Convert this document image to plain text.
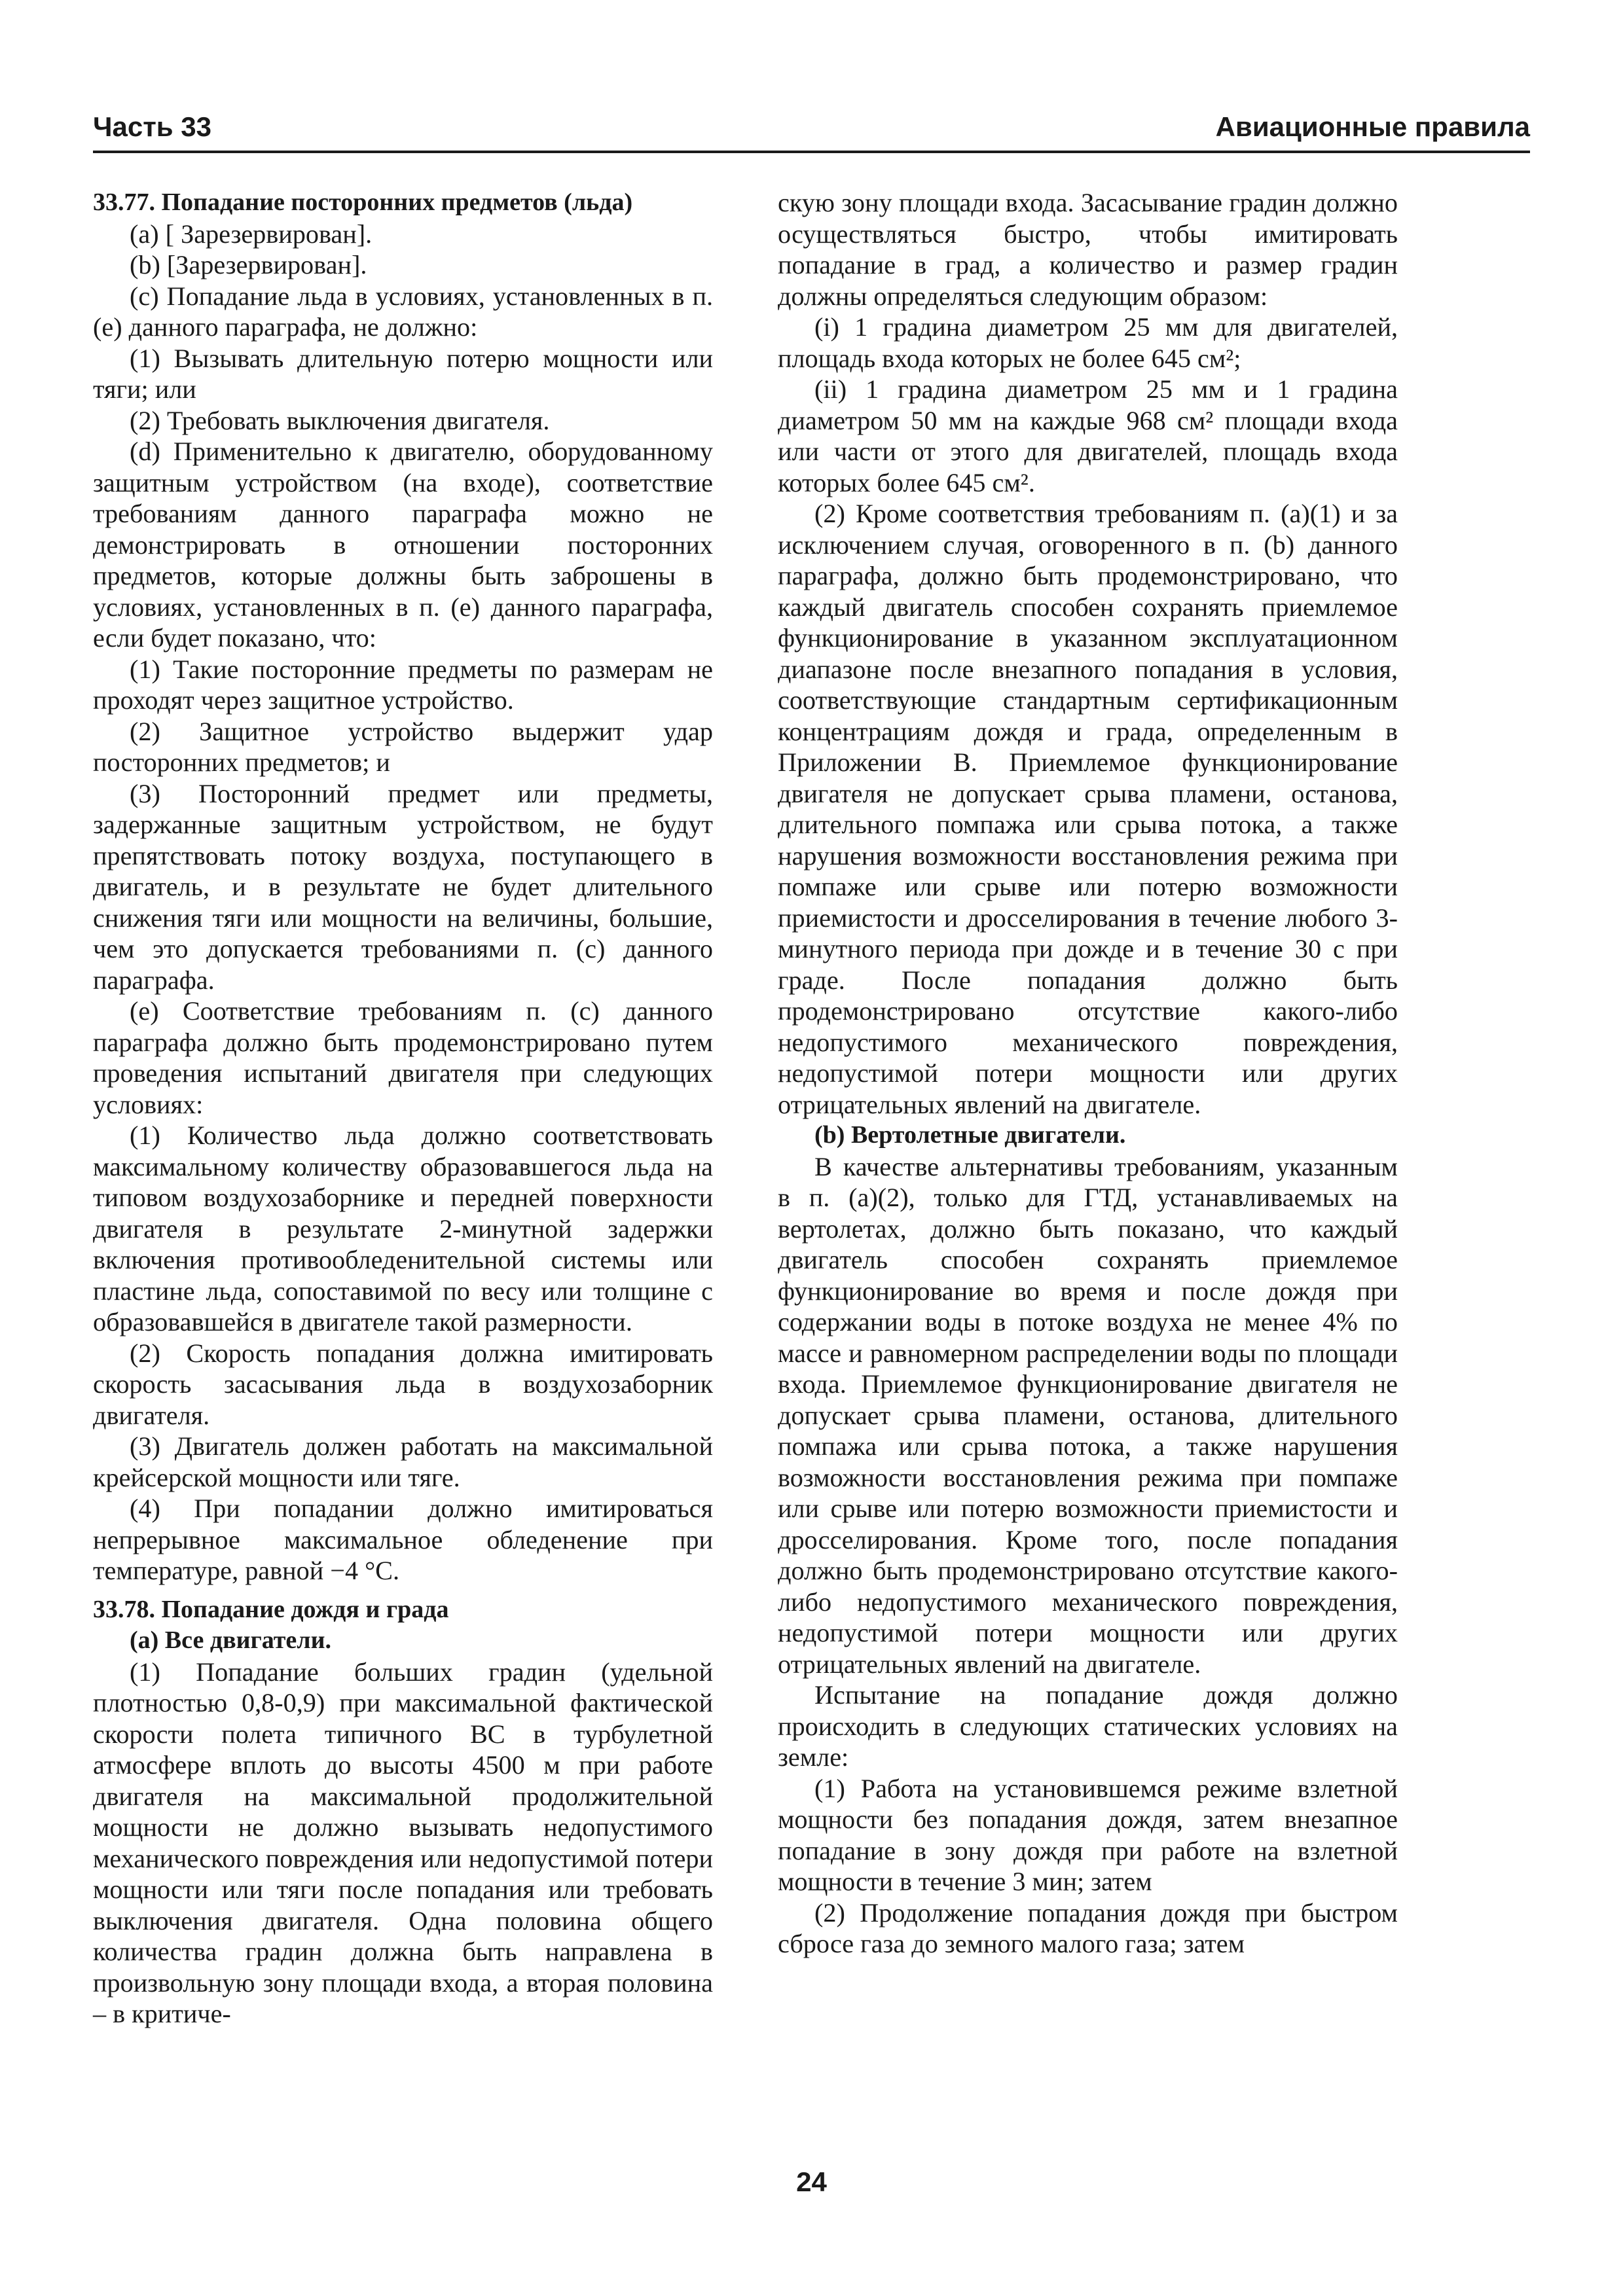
Часть 33	Авиационные правила

33.77. Попадание посторонних предметов (льда)

(a) [ Зарезервирован].

(b) [Зарезервирован].

(c) Попадание льда в условиях, установленных в п. (e) данного параграфа, не должно:

(1) Вызывать длительную потерю мощности или тяги; или

(2) Требовать выключения двигателя.

(d) Применительно к двигателю, оборудованному защитным устройством (на входе), соответствие требованиям данного параграфа можно не демонстрировать в отношении посторонних предметов, которые должны быть заброшены в условиях, установленных в п. (e) данного параграфа, если будет показано, что:

(1) Такие посторонние предметы по размерам не проходят через защитное устройство.

(2) Защитное устройство выдержит удар посторонних предметов; и

(3) Посторонний предмет или предметы, задержанные защитным устройством, не будут препятствовать потоку воздуха, поступающего в двигатель, и в результате не будет длительного снижения тяги или мощности на величины, большие, чем это допускается требованиями п. (c) данного параграфа.

(e) Соответствие требованиям п. (c) данного параграфа должно быть продемонстрировано путем проведения испытаний двигателя при следующих условиях:

(1) Количество льда должно соответствовать максимальному количеству образовавшегося льда на типовом воздухозаборнике и передней поверхности двигателя в результате 2-минутной задержки включения противообледенительной системы или пластине льда, сопоставимой по весу или толщине с образовавшейся в двигателе такой размерности.

(2) Скорость попадания должна имитировать скорость засасывания льда в воздухозаборник двигателя.

(3) Двигатель должен работать на максимальной крейсерской мощности или тяге.

(4) При попадании должно имитироваться непрерывное максимальное обледенение при температуре, равной −4 °С.

33.78. Попадание дождя и града

(a) Все двигатели.

(1) Попадание больших градин (удельной плотностью 0,8-0,9) при максимальной фактической скорости полета типичного ВС в турбулетной атмосфере вплоть до высоты 4500 м при работе двигателя на максимальной продолжительной мощности не должно вызывать недопустимого механического повреждения или недопустимой потери мощности или тяги после попадания или требовать выключения двигателя. Одна половина общего количества градин должна быть направлена в произвольную зону площади входа, а вторая половина – в критиче-

скую зону площади входа. Засасывание градин должно осуществляться быстро, чтобы имитировать попадание в град, а количество и размер градин должны определяться следующим образом:

(i) 1 градина диаметром 25 мм для двигателей, площадь входа которых не более 645 см²;

(ii) 1 градина диаметром 25 мм и 1 градина диаметром 50 мм на каждые 968 см² площади входа или части от этого для двигателей, площадь входа которых более 645 см².

(2) Кроме соответствия требованиям п. (a)(1) и за исключением случая, оговоренного в п. (b) данного параграфа, должно быть продемонстрировано, что каждый двигатель способен сохранять приемлемое функционирование в указанном эксплуатационном диапазоне после внезапного попадания в условия, соответствующие стандартным сертификационным концентрациям дождя и града, определенным в Приложении В. Приемлемое функционирование двигателя не допускает срыва пламени, останова, длительного помпажа или срыва потока, а также нарушения возможности восстановления режима при помпаже или срыве или потерю возможности приемистости и дросселирования в течение любого 3-минутного периода при дожде и в течение 30 с при граде. После попадания должно быть продемонстрировано отсутствие какого-либо недопустимого механического повреждения, недопустимой потери мощности или других отрицательных явлений на двигателе.

(b) Вертолетные двигатели.

В качестве альтернативы требованиям, указанным в п. (a)(2), только для ГТД, устанавливаемых на вертолетах, должно быть показано, что каждый двигатель способен сохранять приемлемое функционирование во время и после дождя при содержании воды в потоке воздуха не менее 4% по массе и равномерном распределении воды по площади входа. Приемлемое функционирование двигателя не допускает срыва пламени, останова, длительного помпажа или срыва потока, а также нарушения возможности восстановления режима при помпаже или срыве или потерю возможности приемистости и дросселирования. Кроме того, после попадания должно быть продемонстрировано отсутствие какого-либо недопустимого механического повреждения, недопустимой потери мощности или других отрицательных явлений на двигателе.

Испытание на попадание дождя должно происходить в следующих статических условиях на земле:

(1) Работа на установившемся режиме взлетной мощности без попадания дождя, затем внезапное попадание в зону дождя при работе на взлетной мощности в течение 3 мин; затем

(2) Продолжение попадания дождя при быстром сбросе газа до земного малого газа; затем

24
